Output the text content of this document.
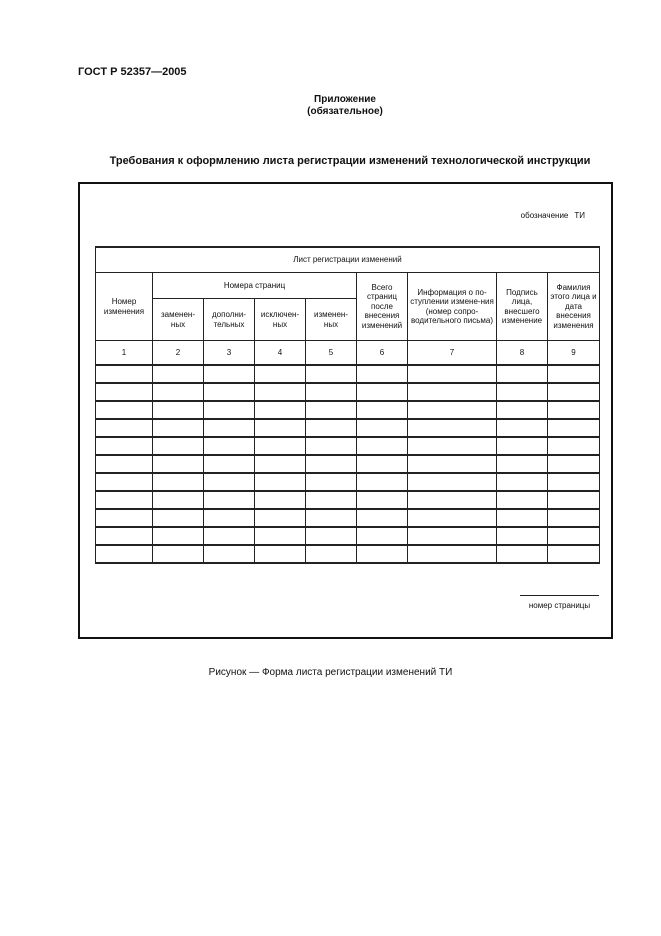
ГОСТ Р 52357—2005
Приложение
(обязательное)
Требования к оформлению листа регистрации изменений технологической инструкции
обозначение ТИ
Лист регистрации изменений								
Номер изменения	Номера страниц				Всего страниц после внесения изменений	Информация о по-ступлении измене-ния (номер сопро-водительного письма)	Подпись лица, внесшего изменение	Фамилия этого лица и дата внесения изменения
	заменен-ных	дополни-тельных	исключен-ных	изменен-ных				
1	2	3	4	5	6	7	8	9

номер страницы
Рисунок — Форма листа регистрации изменений ТИ
